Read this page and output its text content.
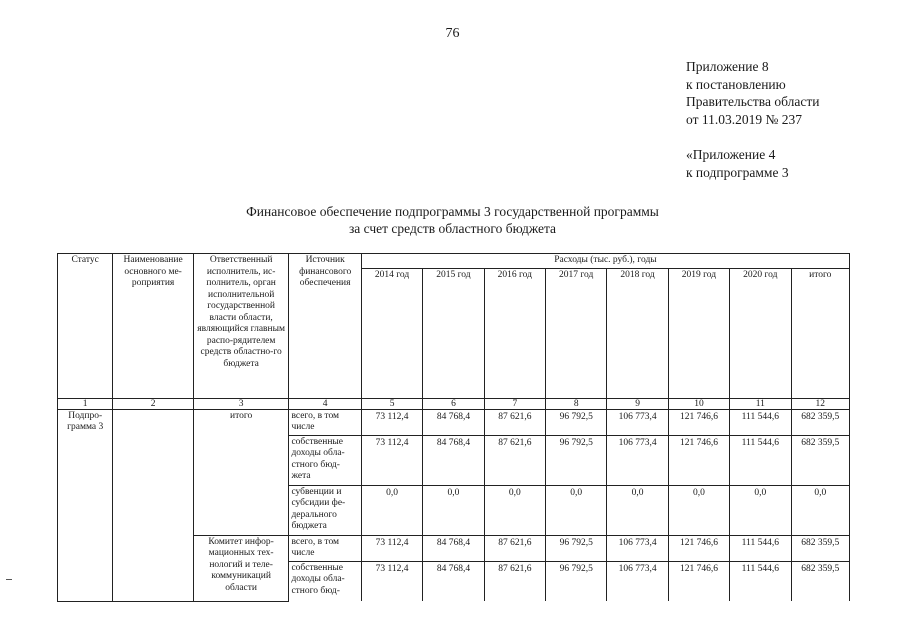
76
Приложение 8
к постановлению
Правительства области
от 11.03.2019 № 237
«Приложение 4
к подпрограмме 3
Финансовое обеспечение подпрограммы 3 государственной программы
за счет средств областного бюджета
Статус	Наименование основного ме-роприятия	Ответственный исполнитель, ис-полнитель, орган исполнительной государственной власти области, являющийся главным распо-рядителем средств областно-го бюджета	Источник финансового обеспечения	Расходы (тыс. руб.), годы							
				2014 год	2015 год	2016 год	2017 год	2018 год	2019 год	2020 год	итого
1	2	3	4	5	6	7	8	9	10	11	12
Подпро-грамма 3		итого	всего, в том числе	73 112,4	84 768,4	87 621,6	96 792,5	106 773,4	121 746,6	111 544,6	682 359,5
			собственные доходы обла-стного бюд-жета	73 112,4	84 768,4	87 621,6	96 792,5	106 773,4	121 746,6	111 544,6	682 359,5
			субвенции и субсидии фе-дерального бюджета	0,0	0,0	0,0	0,0	0,0	0,0	0,0	0,0
		Комитет инфор-мационных тех-нологий и теле-коммуникаций области	всего, в том числе	73 112,4	84 768,4	87 621,6	96 792,5	106 773,4	121 746,6	111 544,6	682 359,5
			собственные доходы обла-стного бюд-	73 112,4	84 768,4	87 621,6	96 792,5	106 773,4	121 746,6	111 544,6	682 359,5
